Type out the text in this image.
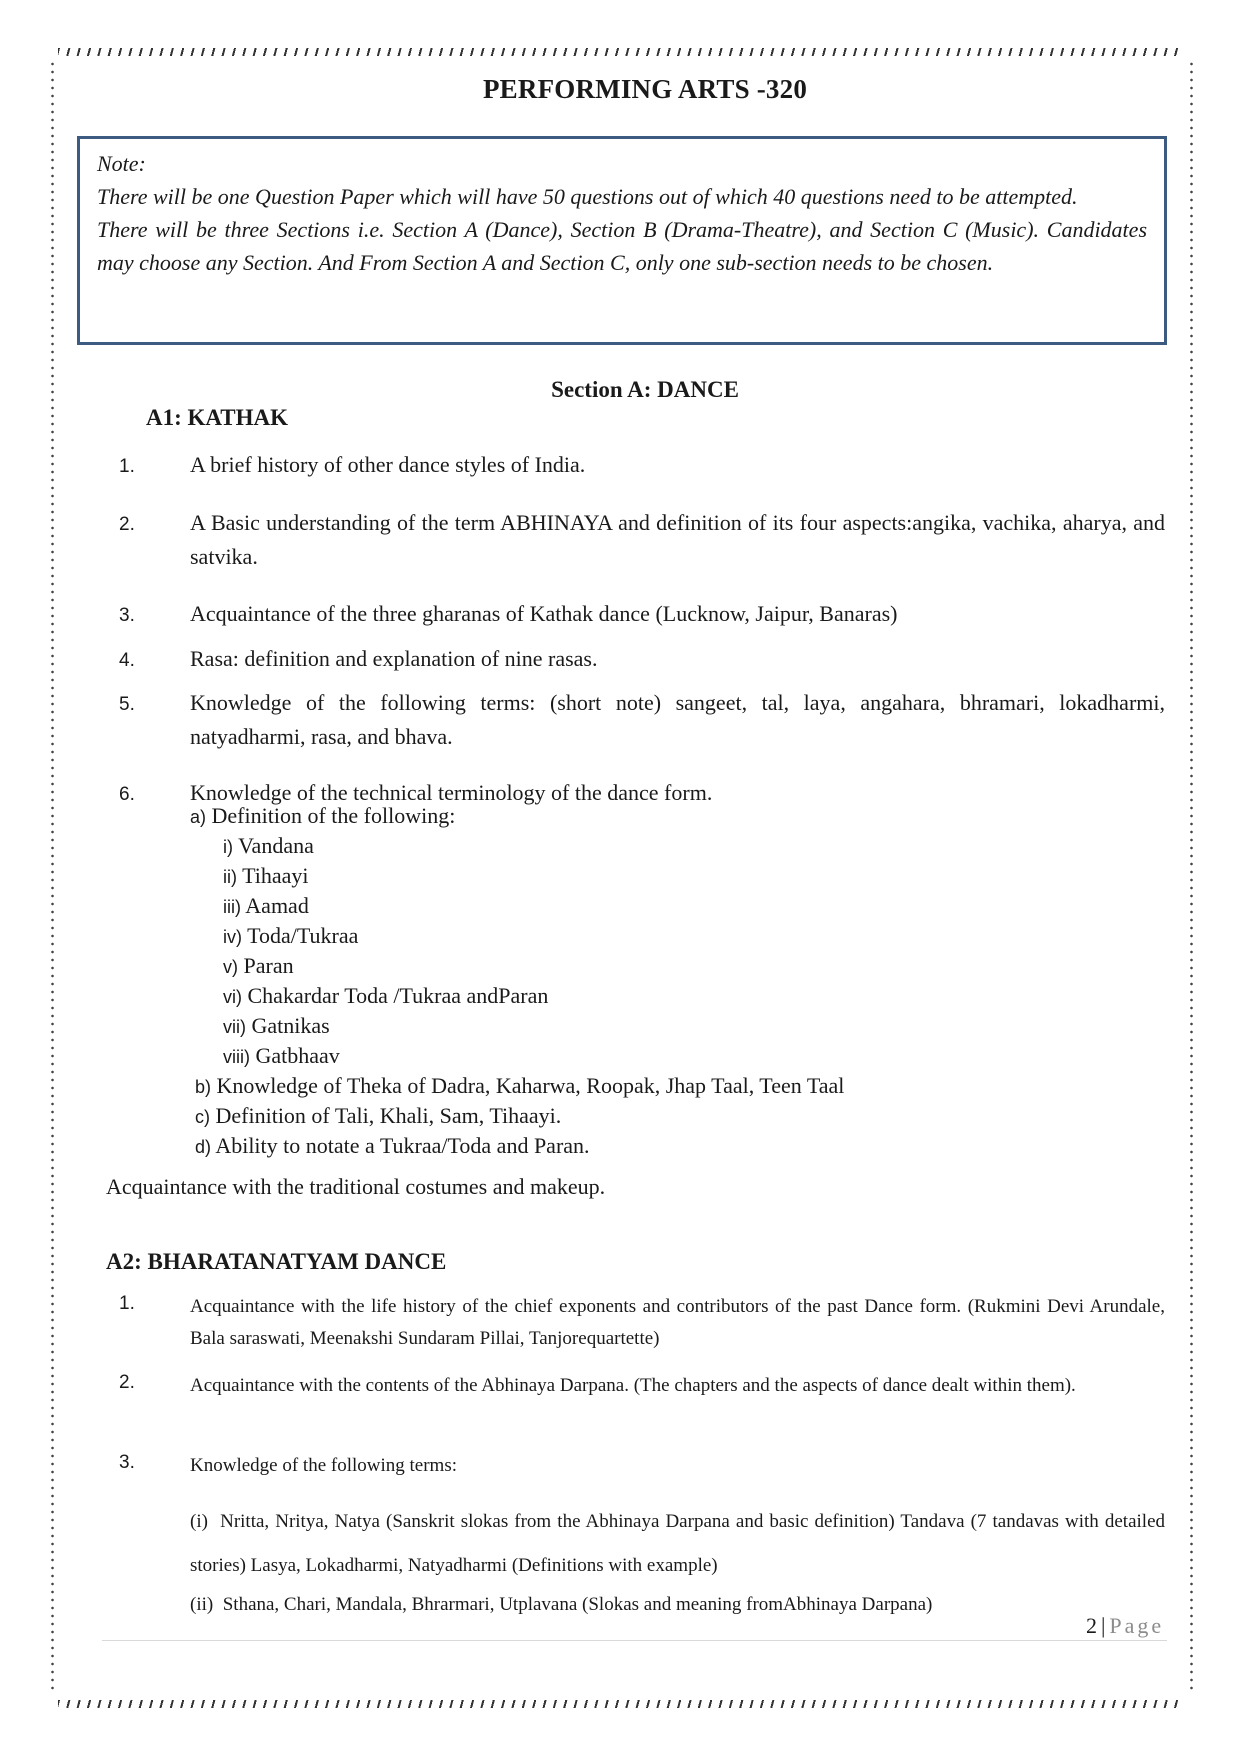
PERFORMING ARTS -320

Note:

There will be one Question Paper which will have 50 questions out of which 40 questions need to be attempted.

There will be three Sections i.e. Section A (Dance), Section B (Drama-Theatre), and Section C (Music). Candidates may choose any Section. And From Section A and Section C, only one sub-section needs to be chosen.

Section A: DANCE
A1: KATHAK
1.	A brief history of other dance styles of India.
2.	A Basic understanding of the term ABHINAYA and definition of its four aspects:angika, vachika, aharya, and satvika.
3.	Acquaintance of the three gharanas of Kathak dance (Lucknow, Jaipur, Banaras)
4.	Rasa: definition and explanation of nine rasas.
5.	Knowledge of the following terms: (short note) sangeet, tal, laya, angahara, bhramari, lokadharmi, natyadharmi, rasa, and bhava.
6.	Knowledge of the technical terminology of the dance form.
a) Definition of the following:
i) Vandana
ii) Tihaayi
iii) Aamad
iv) Toda/Tukraa
v) Paran
vi) Chakardar Toda /Tukraa andParan
vii) Gatnikas
viii) Gatbhaav
b) Knowledge of Theka of Dadra, Kaharwa, Roopak, Jhap Taal, Teen Taal
c) Definition of Tali, Khali, Sam, Tihaayi.
d) Ability to notate a Tukraa/Toda and Paran.
Acquaintance with the traditional costumes and makeup.
A2: BHARATANATYAM DANCE
1.	Acquaintance with the life history of the chief exponents and contributors of the past Dance form. (Rukmini Devi Arundale, Bala saraswati, Meenakshi Sundaram Pillai, Tanjorequartette)
2.	Acquaintance with the contents of the Abhinaya Darpana. (The chapters and the aspects of dance dealt within them).
3.	Knowledge of the following terms:
(i) Nritta, Nritya, Natya (Sanskrit slokas from the Abhinaya Darpana and basic definition) Tandava (7 tandavas with detailed stories) Lasya, Lokadharmi, Natyadharmi (Definitions with example)
(ii) Sthana, Chari, Mandala, Bhrarmari, Utplavana (Slokas and meaning fromAbhinaya Darpana)
2 | Page
